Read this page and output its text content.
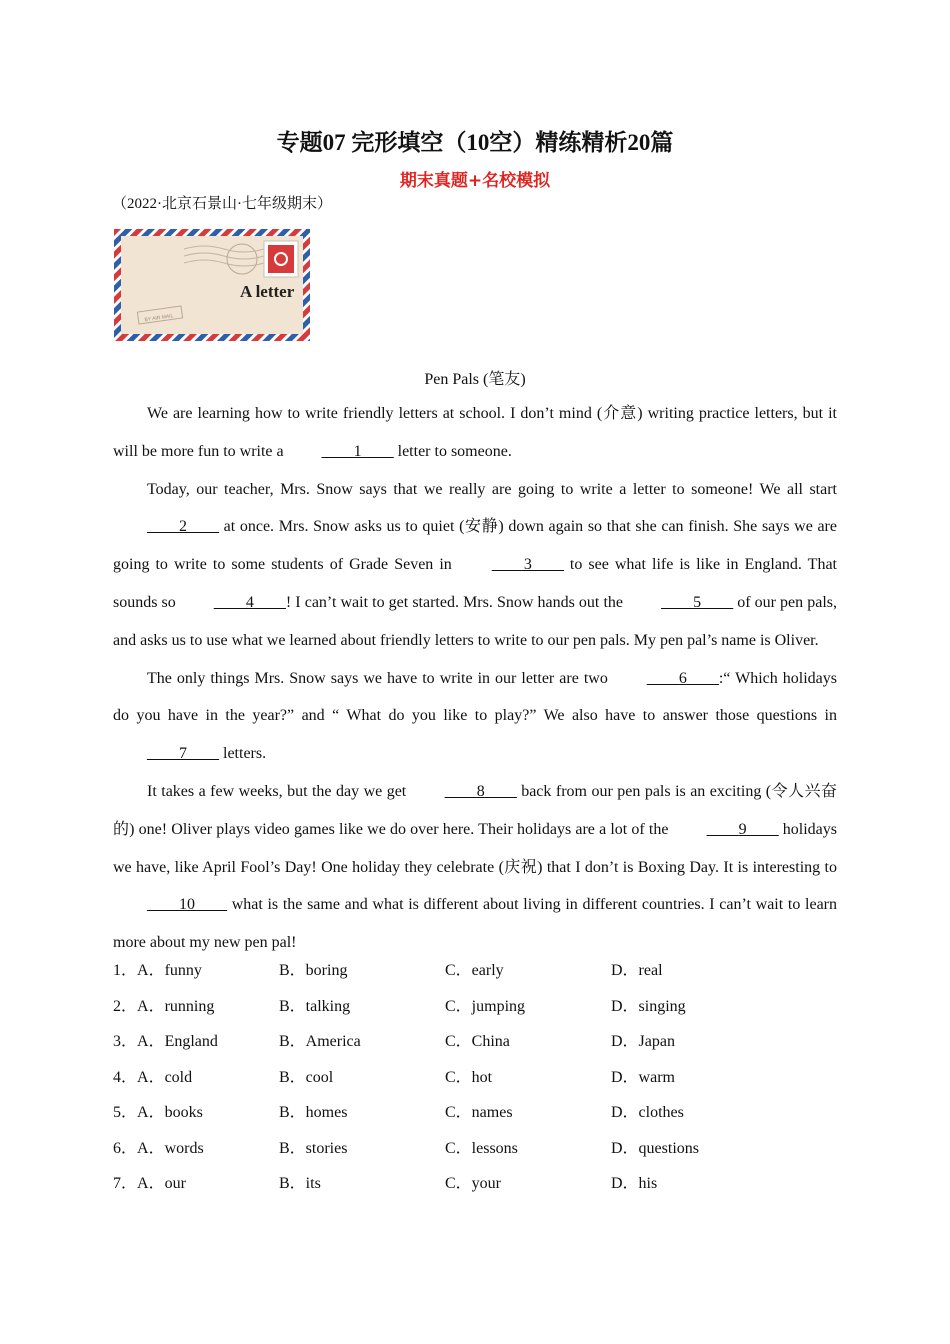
专题07 完形填空（10空）精练精析20篇
期末真题+名校模拟
（2022·北京石景山·七年级期末）
A letter
BY AIR MAIL
Pen Pals (笔友)

We are learning how to write friendly letters at school. I don’t mind (介意) writing practice letters, but it will be more fun to write a ____1____ letter to someone.

Today, our teacher, Mrs. Snow says that we really are going to write a letter to someone! We all start ____2____ at once. Mrs. Snow asks us to quiet (安静) down again so that she can finish. She says we are going to write to some students of Grade Seven in ____3____ to see what life is like in England. That sounds so ____4____! I can’t wait to get started. Mrs. Snow hands out the ____5____ of our pen pals, and asks us to use what we learned about friendly letters to write to our pen pals. My pen pal’s name is Oliver.

The only things Mrs. Snow says we have to write in our letter are two ____6____:“ Which holidays do you have in the year?” and “ What do you like to play?” We also have to answer those questions in ____7____ letters.

It takes a few weeks, but the day we get ____8____ back from our pen pals is an exciting (令人兴奋的) one! Oliver plays video games like we do over here. Their holidays are a lot of the ____9____ holidays we have, like April Fool’s Day! One holiday they celebrate (庆祝) that I don’t is Boxing Day. It is interesting to ____10____ what is the same and what is different about living in different countries. I can’t wait to learn more about my new pen pal!

1．A．funny	B．boring	C．early	D．real
2．A．running	B．talking	C．jumping	D．singing
3．A．England	B．America	C．China	D．Japan
4．A．cold	B．cool	C．hot	D．warm
5．A．books	B．homes	C．names	D．clothes
6．A．words	B．stories	C．lessons	D．questions
7．A．our	B．its	C．your	D．his
